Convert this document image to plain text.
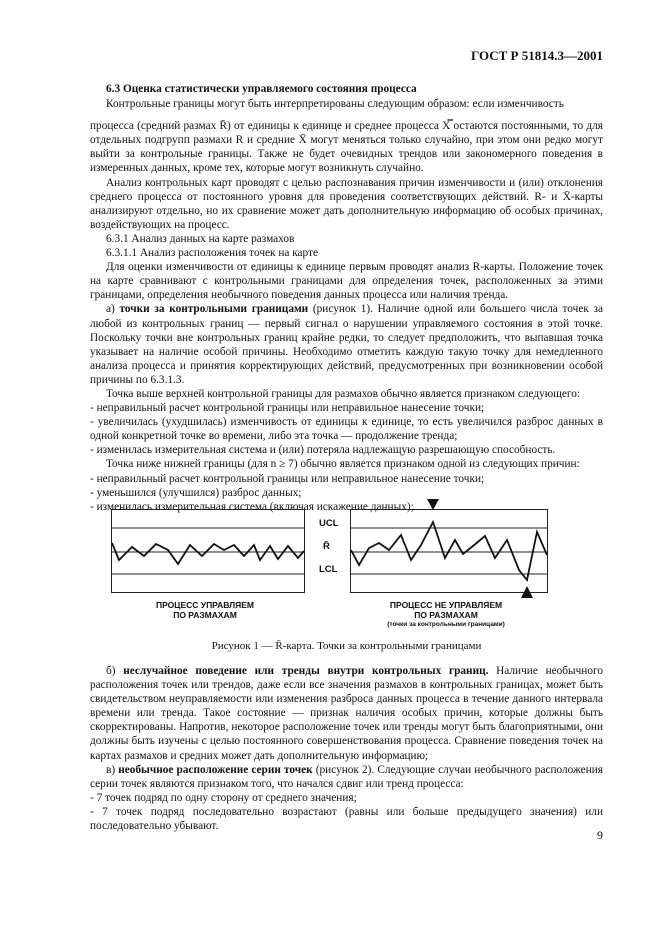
ГОСТ Р 51814.3—2001

6.3 Оценка статистически управляемого состояния процесса

Контрольные границы могут быть интерпретированы следующим образом: если изменчивость

процесса (средний размах R̄) от единицы к единице и среднее процесса X̿ остаются постоянными, то для отдельных подгрупп размахи R и средние X̄ могут меняться только случайно, при этом они редко могут выйти за контрольные границы. Также не будет очевидных трендов или закономерного поведения в измеренных данных, кроме тех, которые могут возникнуть случайно.

Анализ контрольных карт проводят с целью распознавания причин изменчивости и (или) отклонения среднего процесса от постоянного уровня для проведения соответствующих действий. R- и X̄-карты анализируют отдельно, но их сравнение может дать дополнительную информацию об особых причинах, воздействующих на процесс.

6.3.1 Анализ данных на карте размахов

6.3.1.1 Анализ расположения точек на карте

Для оценки изменчивости от единицы к единице первым проводят анализ R-карты. Положение точек на карте сравнивают с контрольными границами для определения точек, расположенных за этими границами, определения необычного поведения данных процесса или наличия тренда.

а) точки за контрольными границами (рисунок 1). Наличие одной или большего числа точек за любой из контрольных границ — первый сигнал о нарушении управляемого состояния в этой точке. Поскольку точки вне контрольных границ крайне редки, то следует предположить, что выпавшая точка указывает на наличие особой причины. Необходимо отметить каждую такую точку для немедленного анализа процесса и принятия корректирующих действий, предусмотренных при возникновении особой причины по 6.3.1.3.

Точка выше верхней контрольной границы для размахов обычно является признаком следующего:

- неправильный расчет контрольной границы или неправильное нанесение точки;

- увеличилась (ухудшилась) изменчивость от единицы к единице, то есть увеличился разброс данных в одной конкретной точке во времени, либо эта точка — продолжение тренда;

- изменилась измерительная система и (или) потеряла надлежащую разрешающую способность.

Точка ниже нижней границы (для n ≥ 7) обычно является признаком одной из следующих причин:

- неправильный расчет контрольной границы или неправильное нанесение точки;

- уменьшился (улучшился) разброс данных;

- изменилась измерительная система (включая искажение данных);

UCL
R̄
LCL
ПРОЦЕСС УПРАВЛЯЕМ
ПО РАЗМАХАМ
ПРОЦЕСС НЕ УПРАВЛЯЕМ
ПО РАЗМАХАМ
(точки за контрольными границами)
Рисунок 1 — R̄-карта. Точки за контрольными границами

б) неслучайное поведение или тренды внутри контрольных границ. Наличие необычного расположения точек или трендов, даже если все значения размахов в контрольных границах, может быть свидетельством неуправляемости или изменения разброса данных процесса в течение данного интервала времени или тренда. Такое состояние — признак наличия особых причин, которые должны быть скорректированы. Напротив, некоторое расположение точек или тренды могут быть благоприятными, они должны быть изучены с целью постоянного совершенствования процесса. Сравнение поведения точек на картах размахов и средних может дать дополнительную информацию;

в) необычное расположение серии точек (рисунок 2). Следующие случаи необычного расположения серии точек являются признаком того, что начался сдвиг или тренд процесса:

- 7 точек подряд по одну сторону от среднего значения;

- 7 точек подряд последовательно возрастают (равны или больше предыдущего значения) или последовательно убывают.

9
